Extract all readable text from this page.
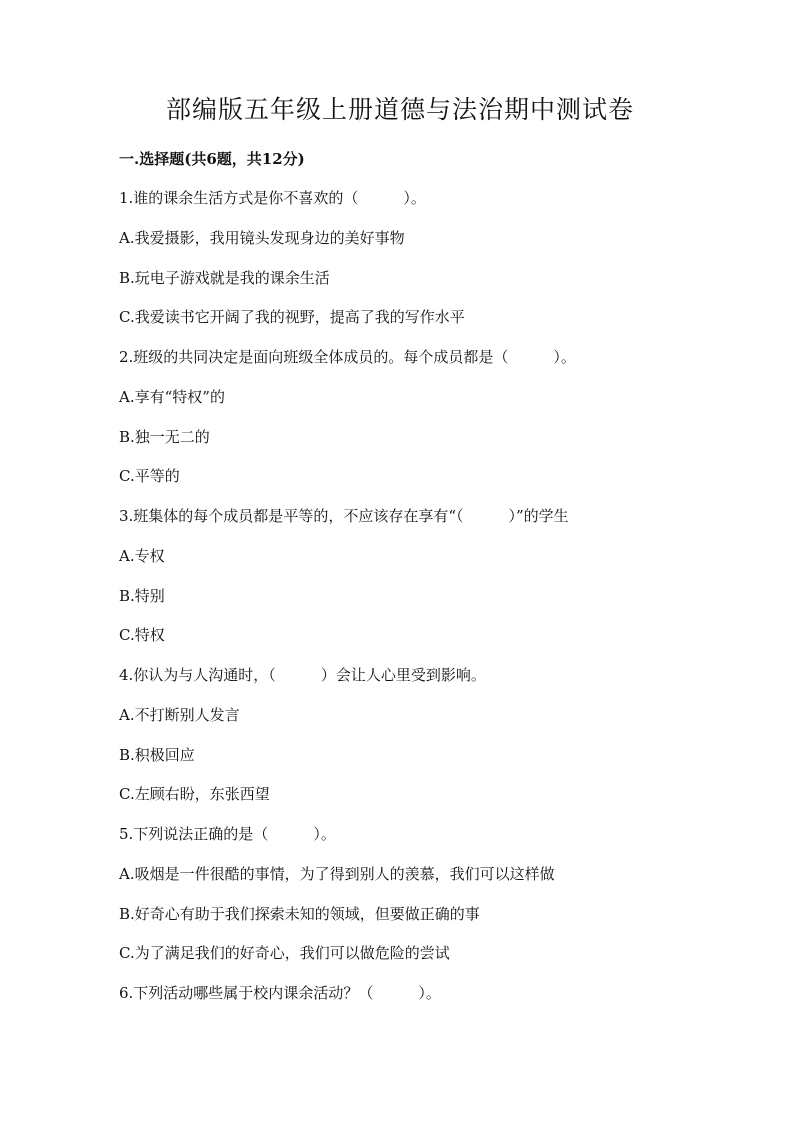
部编版五年级上册道德与法治期中测试卷
一.选择题(共6题，共12分)
1.谁的课余生活方式是你不喜欢的（　　　）。
A.我爱摄影，我用镜头发现身边的美好事物
B.玩电子游戏就是我的课余生活
C.我爱读书它开阔了我的视野，提高了我的写作水平
2.班级的共同决定是面向班级全体成员的。每个成员都是（　　　）。
A.享有“特权”的
B.独一无二的
C.平等的
3.班集体的每个成员都是平等的，不应该存在享有“（　　　）”的学生
A.专权
B.特别
C.特权
4.你认为与人沟通时，（　　　）会让人心里受到影响。
A.不打断别人发言
B.积极回应
C.左顾右盼，东张西望
5.下列说法正确的是（　　　）。
A.吸烟是一件很酷的事情，为了得到别人的羡慕，我们可以这样做
B.好奇心有助于我们探索未知的领域，但要做正确的事
C.为了满足我们的好奇心，我们可以做危险的尝试
6.下列活动哪些属于校内课余活动？（　　　）。
